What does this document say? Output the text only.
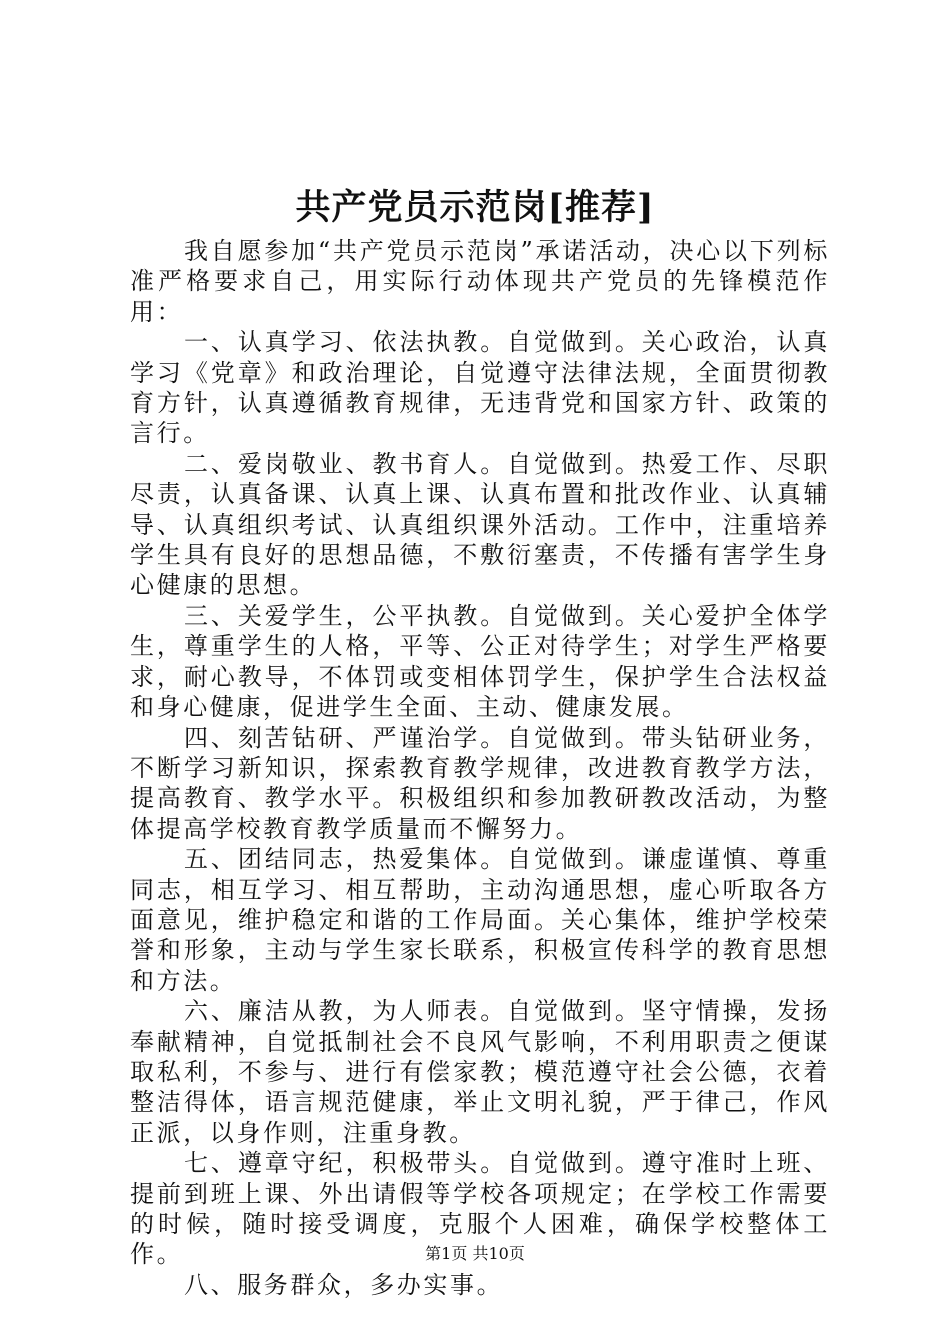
共产党员示范岗[推荐]

我自愿参加“共产党员示范岗”承诺活动，决心以下列标准严格要求自己，用实际行动体现共产党员的先锋模范作用：

一、认真学习、依法执教。自觉做到。关心政治，认真学习《党章》和政治理论，自觉遵守法律法规，全面贯彻教育方针，认真遵循教育规律，无违背党和国家方针、政策的言行。

二、爱岗敬业、教书育人。自觉做到。热爱工作、尽职尽责，认真备课、认真上课、认真布置和批改作业、认真辅导、认真组织考试、认真组织课外活动。工作中，注重培养学生具有良好的思想品德，不敷衍塞责，不传播有害学生身心健康的思想。

三、关爱学生，公平执教。自觉做到。关心爱护全体学生，尊重学生的人格，平等、公正对待学生；对学生严格要求，耐心教导，不体罚或变相体罚学生，保护学生合法权益和身心健康，促进学生全面、主动、健康发展。

四、刻苦钻研、严谨治学。自觉做到。带头钻研业务，不断学习新知识，探索教育教学规律，改进教育教学方法，提高教育、教学水平。积极组织和参加教研教改活动，为整体提高学校教育教学质量而不懈努力。

五、团结同志，热爱集体。自觉做到。谦虚谨慎、尊重同志，相互学习、相互帮助，主动沟通思想，虚心听取各方面意见，维护稳定和谐的工作局面。关心集体，维护学校荣誉和形象，主动与学生家长联系，积极宣传科学的教育思想和方法。

六、廉洁从教，为人师表。自觉做到。坚守情操，发扬奉献精神，自觉抵制社会不良风气影响，不利用职责之便谋取私利，不参与、进行有偿家教；模范遵守社会公德，衣着整洁得体，语言规范健康，举止文明礼貌，严于律己，作风正派，以身作则，注重身教。

七、遵章守纪，积极带头。自觉做到。遵守准时上班、提前到班上课、外出请假等学校各项规定；在学校工作需要的时候，随时接受调度，克服个人困难，确保学校整体工作。

八、服务群众，多办实事。

第1页 共10页
